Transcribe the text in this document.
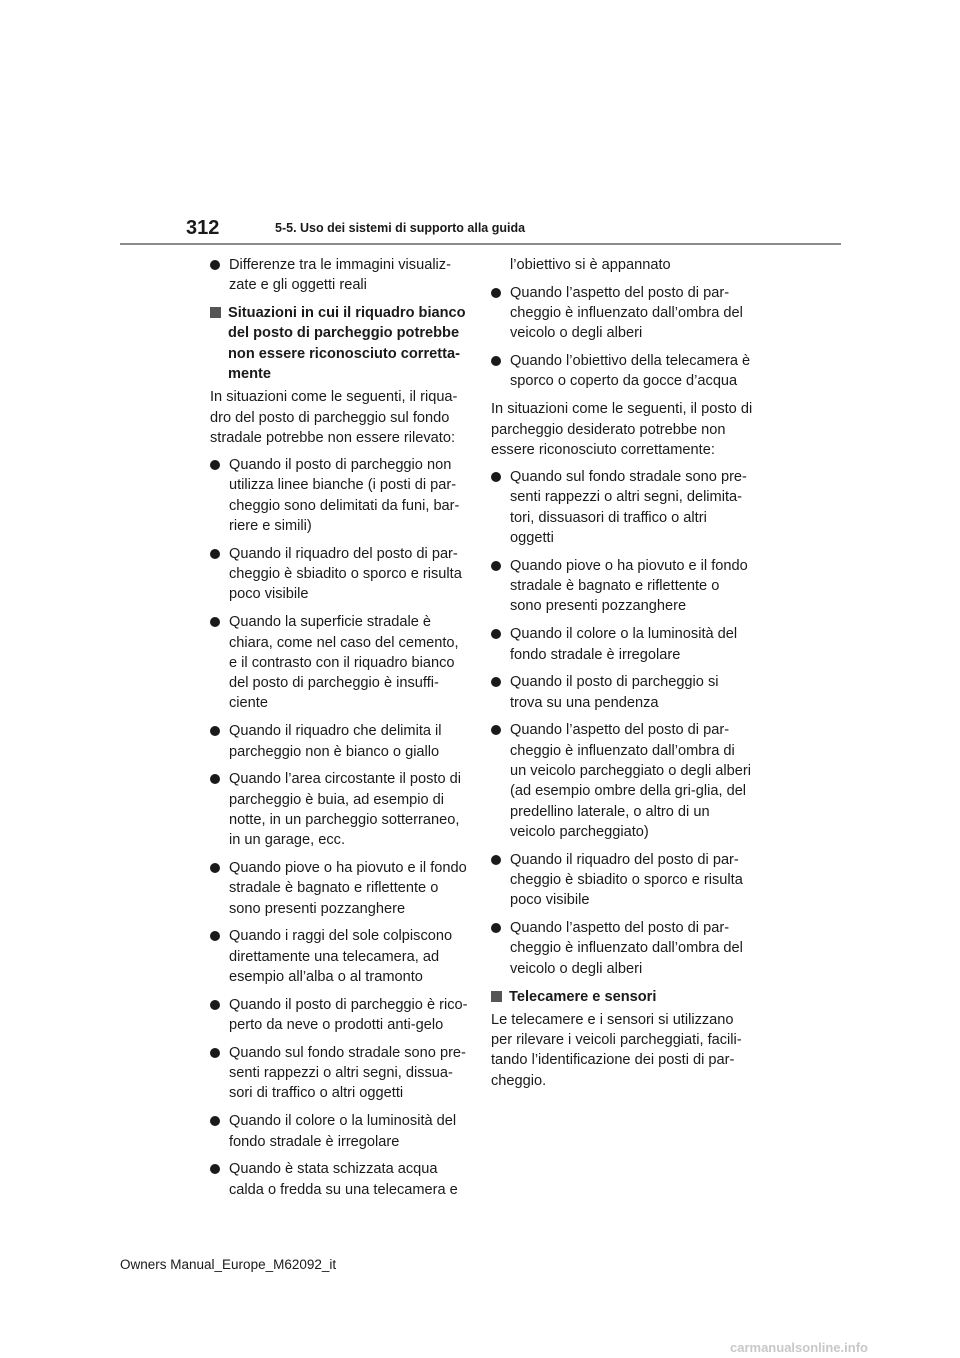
312	5-5. Uso dei sistemi di supporto alla guida
Differenze tra le immagini visualiz-zate e gli oggetti reali
Situazioni in cui il riquadro bianco del posto di parcheggio potrebbe non essere riconosciuto corretta-mente
In situazioni come le seguenti, il riqua-dro del posto di parcheggio sul fondo stradale potrebbe non essere rilevato:
Quando il posto di parcheggio non utilizza linee bianche (i posti di par-cheggio sono delimitati da funi, bar-riere e simili)
Quando il riquadro del posto di par-cheggio è sbiadito o sporco e risulta poco visibile
Quando la superficie stradale è chiara, come nel caso del cemento, e il contrasto con il riquadro bianco del posto di parcheggio è insuffi-ciente
Quando il riquadro che delimita il parcheggio non è bianco o giallo
Quando l’area circostante il posto di parcheggio è buia, ad esempio di notte, in un parcheggio sotterraneo, in un garage, ecc.
Quando piove o ha piovuto e il fondo stradale è bagnato e riflettente o sono presenti pozzanghere
Quando i raggi del sole colpiscono direttamente una telecamera, ad esempio all’alba o al tramonto
Quando il posto di parcheggio è rico-perto da neve o prodotti anti-gelo
Quando sul fondo stradale sono pre-senti rappezzi o altri segni, dissua-sori di traffico o altri oggetti
Quando il colore o la luminosità del fondo stradale è irregolare
Quando è stata schizzata acqua calda o fredda su una telecamera e
l’obiettivo si è appannato
Quando l’aspetto del posto di par-cheggio è influenzato dall’ombra del veicolo o degli alberi
Quando l’obiettivo della telecamera è sporco o coperto da gocce d’acqua
In situazioni come le seguenti, il posto di parcheggio desiderato potrebbe non essere riconosciuto correttamente:
Quando sul fondo stradale sono pre-senti rappezzi o altri segni, delimita-tori, dissuasori di traffico o altri oggetti
Quando piove o ha piovuto e il fondo stradale è bagnato e riflettente o sono presenti pozzanghere
Quando il colore o la luminosità del fondo stradale è irregolare
Quando il posto di parcheggio si trova su una pendenza
Quando l’aspetto del posto di par-cheggio è influenzato dall’ombra di un veicolo parcheggiato o degli alberi (ad esempio ombre della gri-glia, del predellino laterale, o altro di un veicolo parcheggiato)
Quando il riquadro del posto di par-cheggio è sbiadito o sporco e risulta poco visibile
Quando l’aspetto del posto di par-cheggio è influenzato dall’ombra del veicolo o degli alberi
Telecamere e sensori
Le telecamere e i sensori si utilizzano per rilevare i veicoli parcheggiati, facili-tando l’identificazione dei posti di par-cheggio.
Owners Manual_Europe_M62092_it
carmanualsonline.info
